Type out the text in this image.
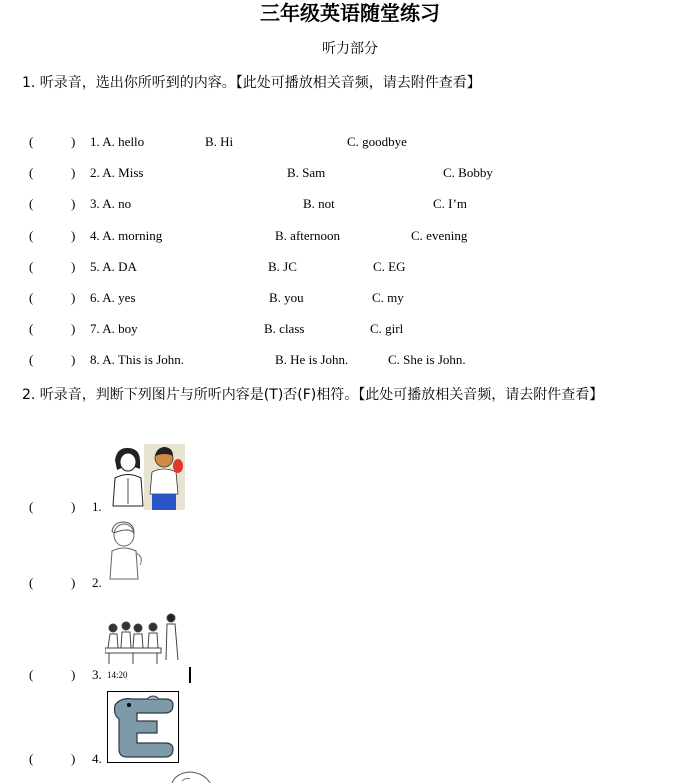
三年级英语随堂练习
听力部分
1. 听录音，选出你所听到的内容。【此处可播放相关音频，请去附件查看】
(	) 1. A. hello	B. Hi	C. goodbye
(	) 2. A. Miss	B. Sam	C. Bobby
(	) 3. A. no	B. not	C. I’m
(	) 4. A. morning	B. afternoon	C. evening
(	) 5. A. DA	B. JC	C. EG
(	) 6. A. yes	B. you	C. my
(	) 7. A. boy	B. class	C. girl
(	) 8. A. This is John.	B. He is John.	C. She is John.
2. 听录音，判断下列图片与所听内容是(T)否(F)相符。【此处可播放相关音频，请去附件查看】
14:20
(	) 1.
(	) 2.
(	) 3.
(	) 4.
